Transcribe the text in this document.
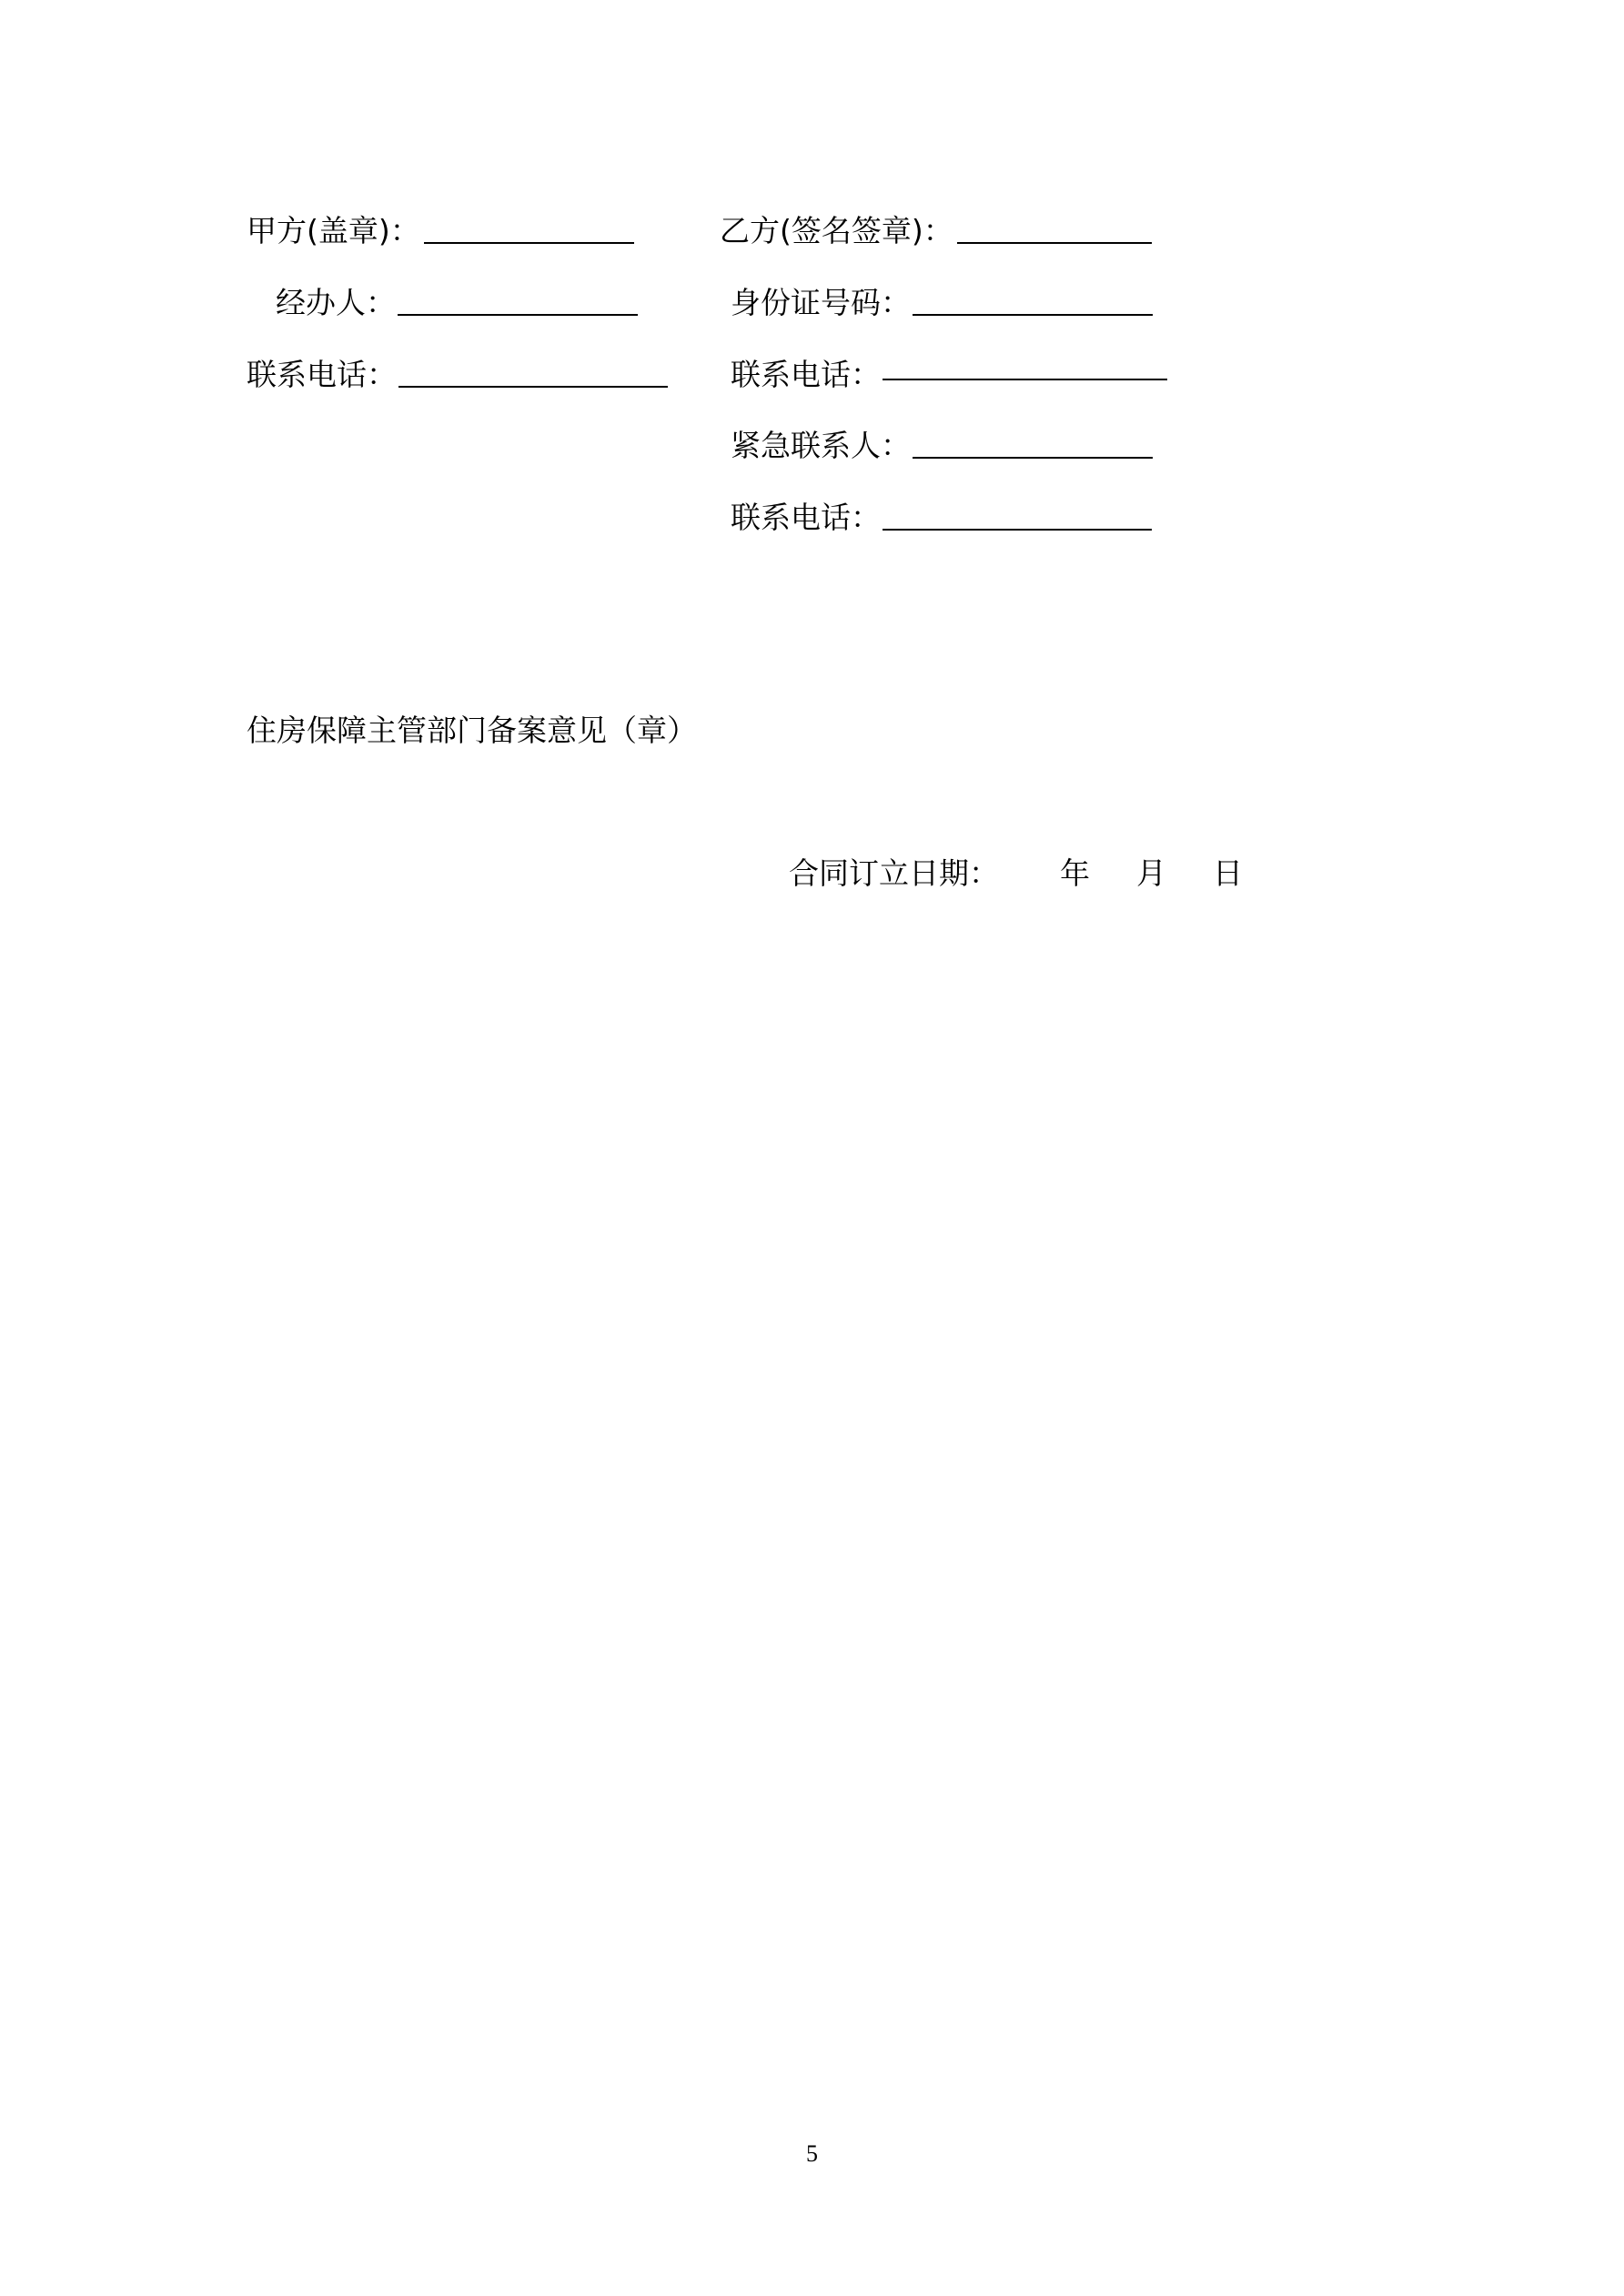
甲方(盖章)：
经办人：
联系电话：
乙方(签名签章)：
身份证号码：
联系电话：
紧急联系人：
联系电话：
住房保障主管部门备案意见（章）
合同订立日期： 年 月 日
5
